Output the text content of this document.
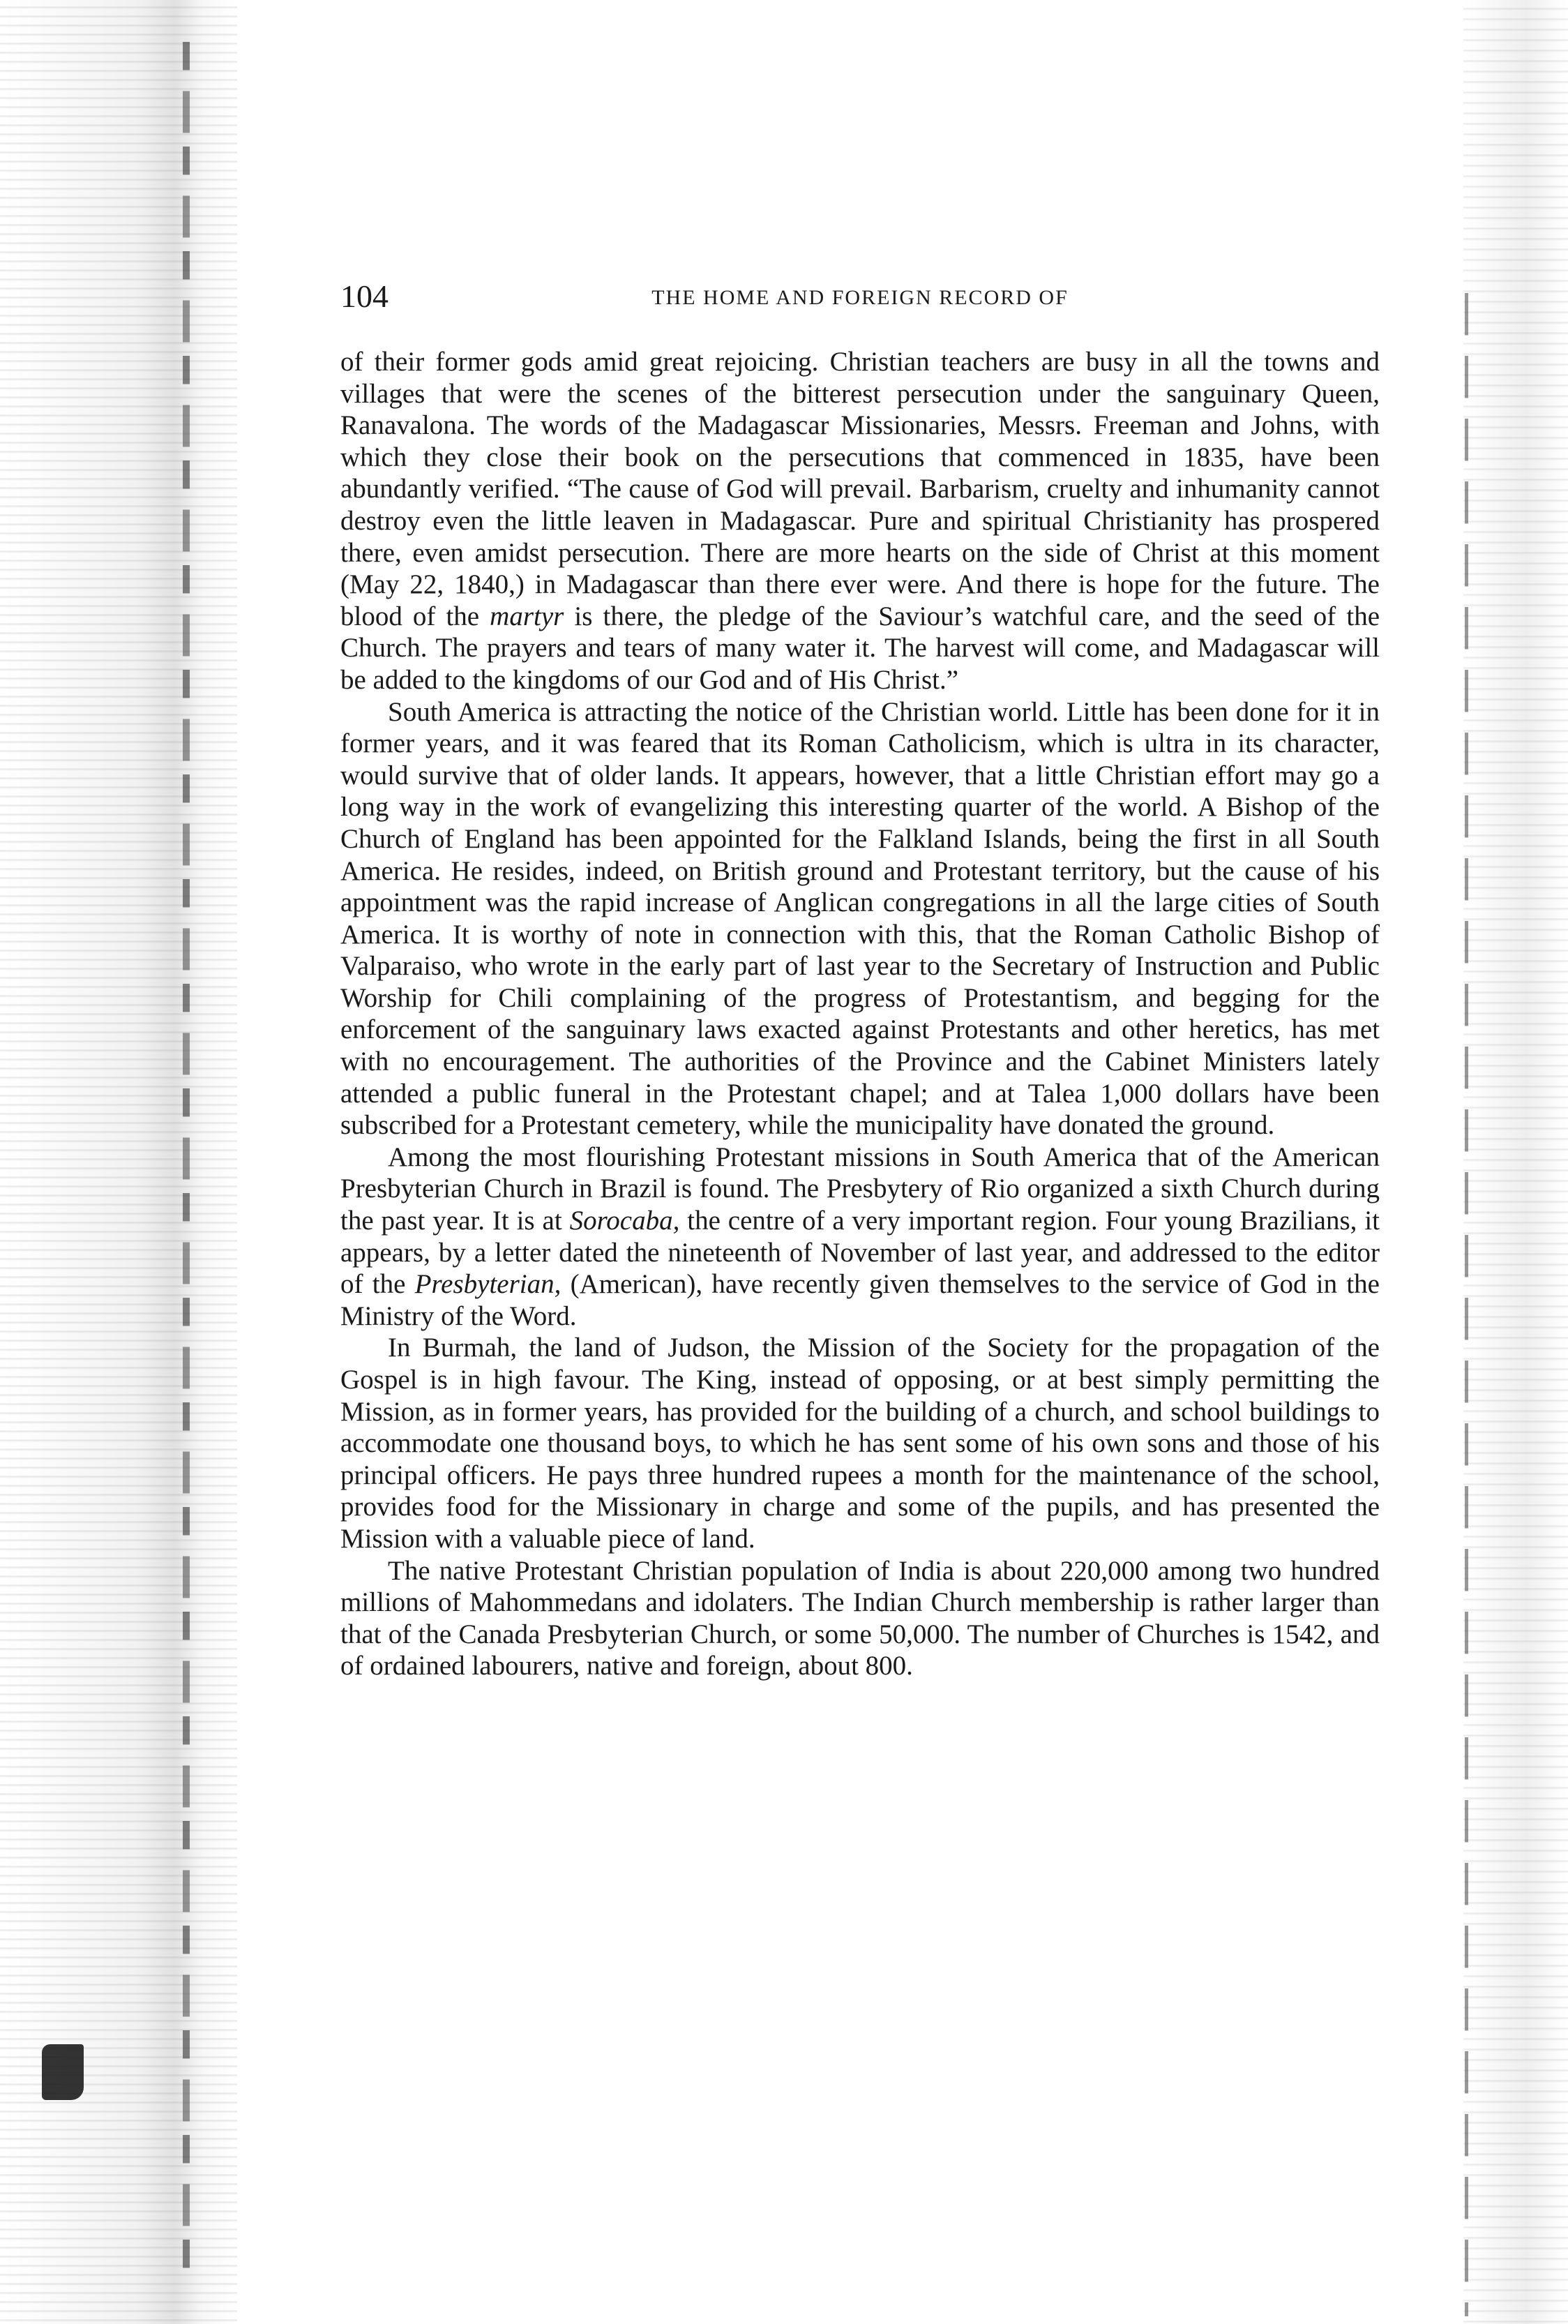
104	THE HOME AND FOREIGN RECORD OF

of their former gods amid great rejoicing. Christian teachers are busy in all the towns and villages that were the scenes of the bitterest persecution under the sanguinary Queen, Ranavalona. The words of the Madagascar Missionaries, Messrs. Freeman and Johns, with which they close their book on the persecutions that commenced in 1835, have been abundantly verified. “The cause of God will prevail. Barbarism, cruelty and inhumanity cannot destroy even the little leaven in Madagascar. Pure and spiritual Christianity has prospered there, even amidst persecution. There are more hearts on the side of Christ at this moment (May 22, 1840,) in Madagascar than there ever were. And there is hope for the future. The blood of the martyr is there, the pledge of the Saviour’s watchful care, and the seed of the Church. The prayers and tears of many water it. The harvest will come, and Madagascar will be added to the kingdoms of our God and of His Christ.”

South America is attracting the notice of the Christian world. Little has been done for it in former years, and it was feared that its Roman Catholicism, which is ultra in its character, would survive that of older lands. It appears, however, that a little Christian effort may go a long way in the work of evangelizing this interesting quarter of the world. A Bishop of the Church of England has been appointed for the Falkland Islands, being the first in all South America. He resides, indeed, on British ground and Protestant territory, but the cause of his appointment was the rapid increase of Anglican congregations in all the large cities of South America. It is worthy of note in connection with this, that the Roman Catholic Bishop of Valparaiso, who wrote in the early part of last year to the Secretary of Instruction and Public Worship for Chili complaining of the progress of Protestantism, and begging for the enforcement of the sanguinary laws exacted against Protestants and other heretics, has met with no encouragement. The authorities of the Province and the Cabinet Ministers lately attended a public funeral in the Protestant chapel; and at Talea 1,000 dollars have been subscribed for a Protestant cemetery, while the municipality have donated the ground.

Among the most flourishing Protestant missions in South America that of the American Presbyterian Church in Brazil is found. The Presbytery of Rio organized a sixth Church during the past year. It is at Sorocaba, the centre of a very important region. Four young Brazilians, it appears, by a letter dated the nineteenth of November of last year, and addressed to the editor of the Presbyterian, (American), have recently given themselves to the service of God in the Ministry of the Word.

In Burmah, the land of Judson, the Mission of the Society for the propagation of the Gospel is in high favour. The King, instead of opposing, or at best simply permitting the Mission, as in former years, has provided for the building of a church, and school buildings to accommodate one thousand boys, to which he has sent some of his own sons and those of his principal officers. He pays three hundred rupees a month for the maintenance of the school, provides food for the Missionary in charge and some of the pupils, and has presented the Mission with a valuable piece of land.

The native Protestant Christian population of India is about 220,000 among two hundred millions of Mahommedans and idolaters. The Indian Church membership is rather larger than that of the Canada Presbyterian Church, or some 50,000. The number of Churches is 1542, and of ordained labourers, native and foreign, about 800.
